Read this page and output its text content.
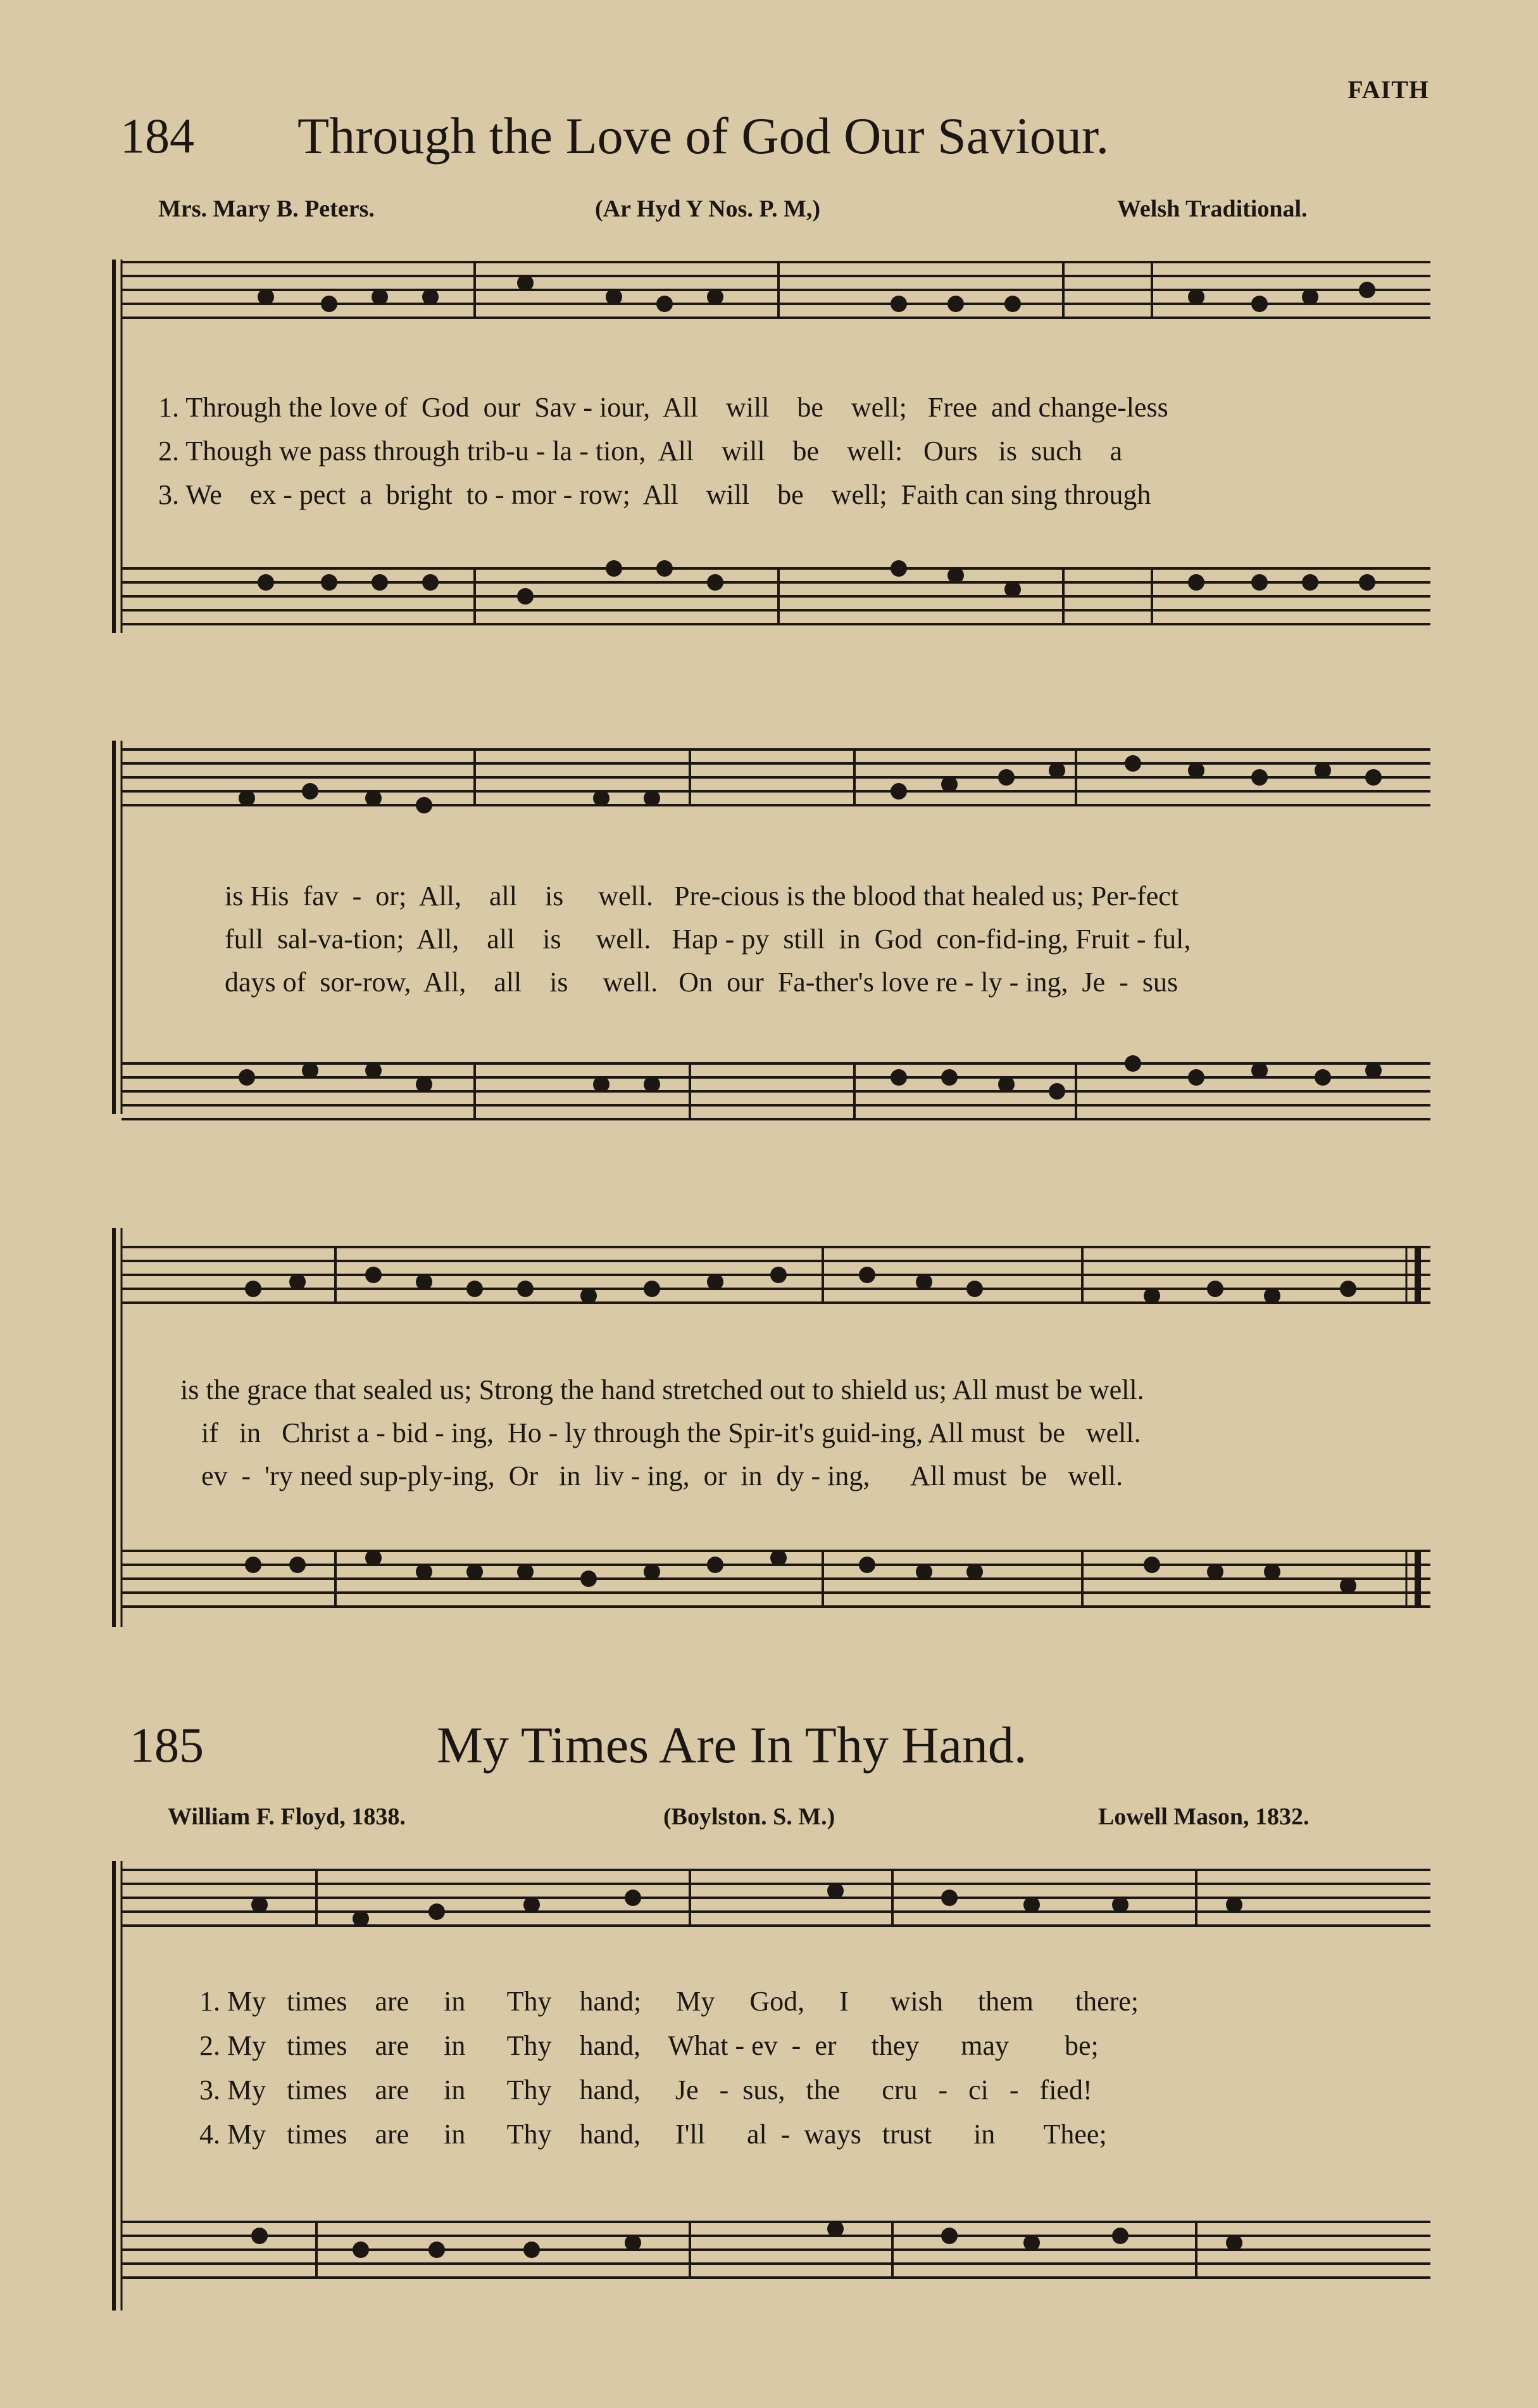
FAITH
184 Through the Love of God Our Saviour.
Mrs. Mary B. Peters.	(Ar Hyd Y Nos. P. M,)	Welsh Traditional.
1. Through the love of  God  our  Sav - iour,  All    will    be    well;   Free  and change-less
2. Though we pass through trib-u - la - tion,  All    will    be    well:   Ours   is  such    a
3. We    ex - pect  a  bright  to - mor - row;  All    will    be    well;  Faith can sing through
is His  fav  -  or;  All,    all    is     well.   Pre-cious is the blood that healed us; Per-fect
full  sal-va-tion;  All,    all    is     well.   Hap - py  still  in  God  con-fid-ing, Fruit - ful,
days of  sor-row,  All,    all    is     well.   On  our  Fa-ther's love re - ly - ing,  Je  -  sus
is the grace that sealed us; Strong the hand stretched out to shield us; All must be well.
if   in   Christ a - bid - ing,  Ho - ly through the Spir-it's guid-ing, All must  be   well.
ev  -  'ry need sup-ply-ing,  Or   in  liv - ing,  or  in  dy - ing,      All must  be   well.
185	My Times Are In Thy Hand.
William F. Floyd, 1838.	(Boylston. S. M.)	Lowell Mason, 1832.
1. My   times    are     in      Thy    hand;     My     God,     I      wish     them      there;
2. My   times    are     in      Thy    hand,    What - ev  -  er     they      may        be;
3. My   times    are     in      Thy    hand,     Je   -  sus,   the      cru   -   ci   -   fied!
4. My   times    are     in      Thy    hand,     I'll      al  -  ways   trust      in       Thee;
